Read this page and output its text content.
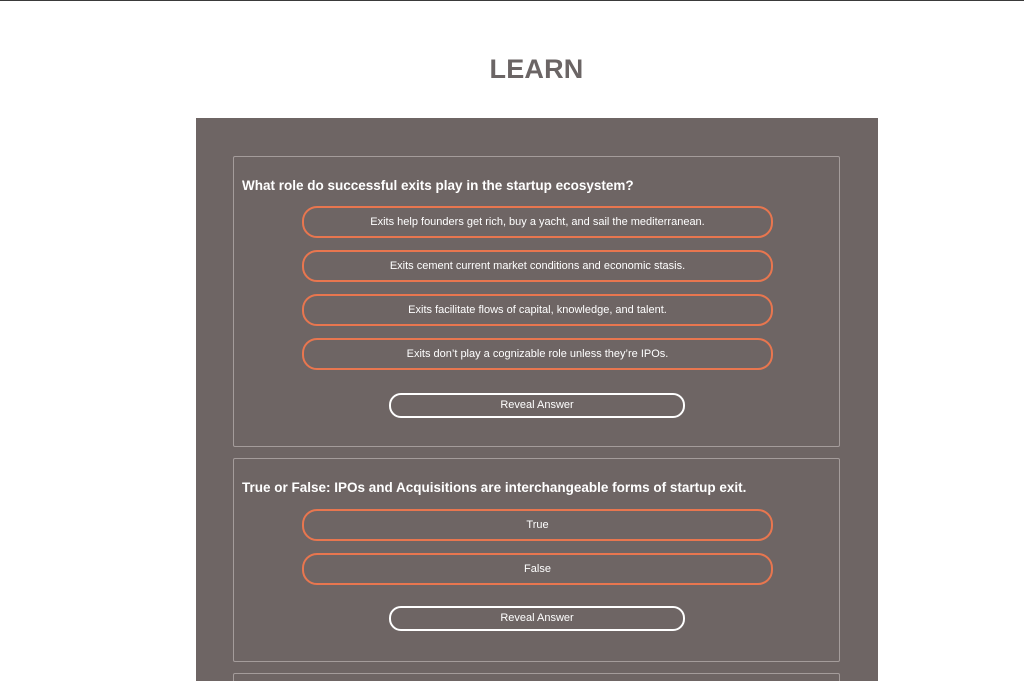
LEARN
What role do successful exits play in the startup ecosystem?
Exits help founders get rich, buy a yacht, and sail the mediterranean.
Exits cement current market conditions and economic stasis.
Exits facilitate flows of capital, knowledge, and talent.
Exits don’t play a cognizable role unless they’re IPOs.
Reveal Answer
True or False: IPOs and Acquisitions are interchangeable forms of startup exit.
True
False
Reveal Answer
